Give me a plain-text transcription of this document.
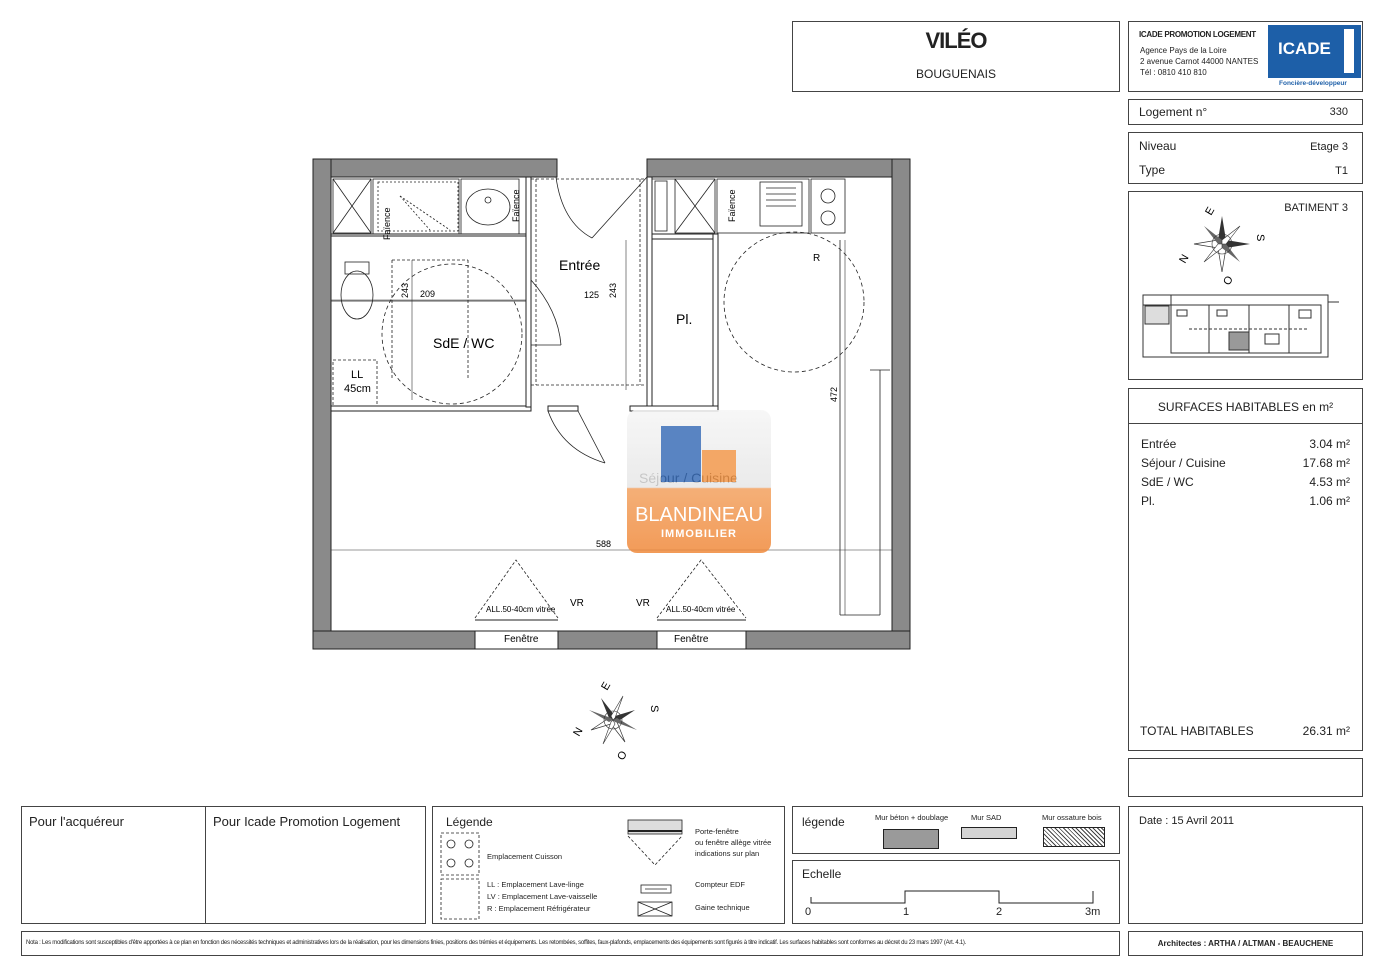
VILÉO
BOUGUENAIS
ICADE PROMOTION LOGEMENT
Agence Pays de la Loire
2 avenue Carnot 44000 NANTES
Tél : 0810 410 810
ICADE
Foncière-développeur
Logement n°	330
Niveau	Etage 3
Type	T1
BATIMENT 3
N
E
S
O
SURFACES HABITABLES en m²
Entrée	3.04 m²
Séjour / Cuisine	17.68 m²
SdE / WC	4.53 m²
Pl.	1.06 m²
TOTAL HABITABLES	26.31 m²
Entrée
SdE / WC
Pl.
LL
45cm
Faïence
Faïence	Faïence
R
VR	VR
ALL.50-40cm vitrée	ALL.50-40cm vitrée
Fenêtre	Fenêtre
209
243	125 243
472
588
BLANDINEAU
IMMOBILIER
N
E
S
O
Pour l'acquéreur	Pour Icade Promotion Logement	Légende
Emplacement Cuisson
LL : Emplacement Lave-linge
LV : Emplacement Lave-vaisselle
R : Emplacement Réfrigérateur
Porte-fenêtre
ou fenêtre allège vitrée
indications sur plan
Compteur EDF
Gaine technique
légende	Mur béton + doublage	Mur SAD	Mur ossature bois
Echelle
0	1	2	3m
Date : 15 Avril 2011
Nota : Les modifications sont susceptibles d'être apportées à ce plan en fonction des nécessités techniques et administratives lors de la réalisation, pour les dimensions finies, positions des trémies et équipements. Les retombées, soffites, faux-plafonds, emplacements des équipements sont figurés à titre indicatif. Les surfaces habitables sont conformes au décret du 23 mars 1997 (Art. 4.1).	Architectes : ARTHA / ALTMAN - BEAUCHENE
